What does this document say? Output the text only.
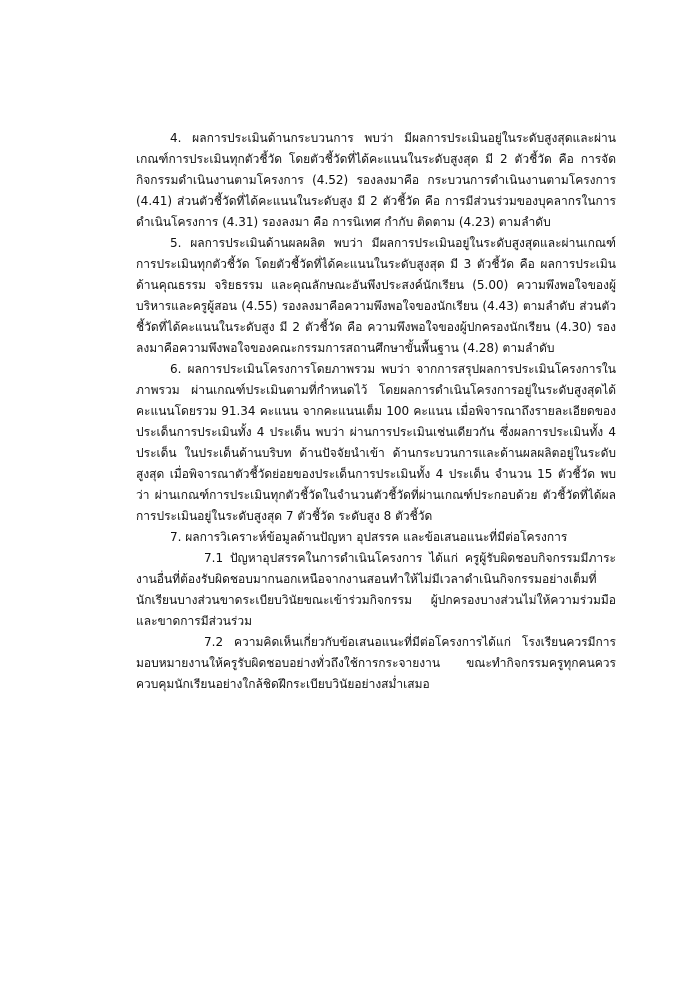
4. ผลการประเมินด้านกระบวนการ พบว่า มีผลการประเมินอยู่ในระดับสูงสุดและผ่านเกณฑ์การประเมินทุกตัวชี้วัด โดยตัวชี้วัดที่ได้คะแนนในระดับสูงสุด มี 2 ตัวชี้วัด คือ การจัดกิจกรรมดำเนินงานตามโครงการ (4.52) รองลงมาคือ กระบวนการดำเนินงานตามโครงการ (4.41) ส่วนตัวชี้วัดที่ได้คะแนนในระดับสูง มี 2 ตัวชี้วัด คือ การมีส่วนร่วมของบุคลากรในการดำเนินโครงการ (4.31) รองลงมา คือ การนิเทศ กำกับ ติดตาม (4.23) ตามลำดับ

5. ผลการประเมินด้านผลผลิต พบว่า มีผลการประเมินอยู่ในระดับสูงสุดและผ่านเกณฑ์การประเมินทุกตัวชี้วัด โดยตัวชี้วัดที่ได้คะแนนในระดับสูงสุด มี 3 ตัวชี้วัด คือ ผลการประเมินด้านคุณธรรม จริยธรรม และคุณลักษณะอันพึงประสงค์นักเรียน (5.00) ความพึงพอใจของผู้บริหารและครูผู้สอน (4.55) รองลงมาคือความพึงพอใจของนักเรียน (4.43) ตามลำดับ ส่วนตัวชี้วัดที่ได้คะแนนในระดับสูง มี 2 ตัวชี้วัด คือ ความพึงพอใจของผู้ปกครองนักเรียน (4.30) รองลงมาคือความพึงพอใจของคณะกรรมการสถานศึกษาขั้นพื้นฐาน (4.28) ตามลำดับ

6. ผลการประเมินโครงการโดยภาพรวม พบว่า จากการสรุปผลการประเมินโครงการในภาพรวม ผ่านเกณฑ์ประเมินตามที่กำหนดไว้ โดยผลการดำเนินโครงการอยู่ในระดับสูงสุดได้คะแนนโดยรวม 91.34 คะแนน จากคะแนนเต็ม 100 คะแนน เมื่อพิจารณาถึงรายละเอียดของประเด็นการประเมินทั้ง 4 ประเด็น พบว่า ผ่านการประเมินเช่นเดียวกัน ซึ่งผลการประเมินทั้ง 4 ประเด็น ในประเด็นด้านบริบท ด้านปัจจัยนำเข้า ด้านกระบวนการและด้านผลผลิตอยู่ในระดับสูงสุด เมื่อพิจารณาตัวชี้วัดย่อยของประเด็นการประเมินทั้ง 4 ประเด็น จำนวน 15 ตัวชี้วัด พบว่า ผ่านเกณฑ์การประเมินทุกตัวชี้วัดในจำนวนตัวชี้วัดที่ผ่านเกณฑ์ประกอบด้วย ตัวชี้วัดที่ได้ผลการประเมินอยู่ในระดับสูงสุด 7 ตัวชี้วัด ระดับสูง 8 ตัวชี้วัด

7. ผลการวิเคราะห์ข้อมูลด้านปัญหา อุปสรรค และข้อเสนอแนะที่มีต่อโครงการ

7.1 ปัญหาอุปสรรคในการดำเนินโครงการ ได้แก่ ครูผู้รับผิดชอบกิจกรรมมีภาระงานอื่นที่ต้องรับผิดชอบมากนอกเหนือจากงานสอนทำให้ไม่มีเวลาดำเนินกิจกรรมอย่างเต็มที่ นักเรียนบางส่วนขาดระเบียบวินัยขณะเข้าร่วมกิจกรรม ผู้ปกครองบางส่วนไม่ให้ความร่วมมือ และขาดการมีส่วนร่วม

7.2 ความคิดเห็นเกี่ยวกับข้อเสนอแนะที่มีต่อโครงการได้แก่ โรงเรียนควรมีการมอบหมายงานให้ครูรับผิดชอบอย่างทั่วถึงใช้การกระจายงาน ขณะทำกิจกรรมครูทุกคนควรควบคุมนักเรียนอย่างใกล้ชิดฝึกระเบียบวินัยอย่างสม่ำเสมอ
